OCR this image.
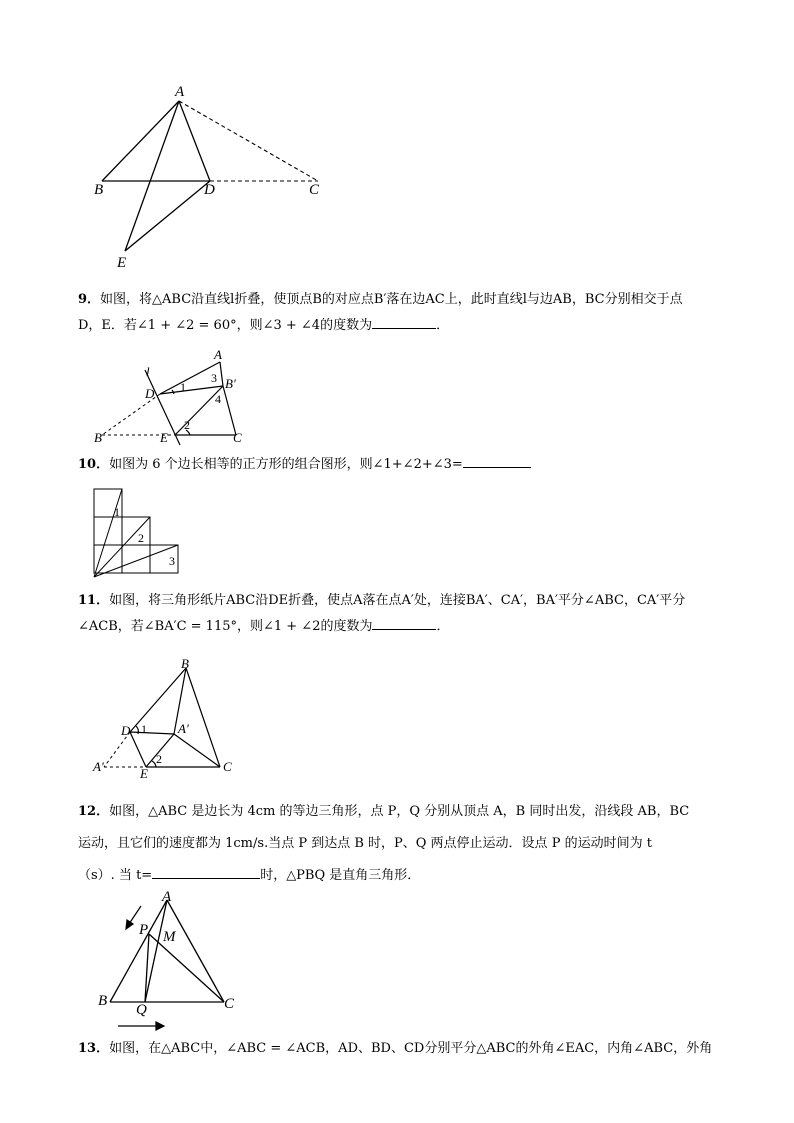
A
B	D	C
E
9．如图，将△ABC沿直线l折叠，使顶点B的对应点B′落在边AC上，此时直线l与边AB，BC分别相交于点
D，E．若∠1 + ∠2 = 60°，则∠3 + ∠4的度数为	．
l
A
D
B′
B	E	C
1
3
4
2
10．如图为 6 个边长相等的正方形的组合图形，则∠1+∠2+∠3=
1
2
3
11．如图，将三角形纸片ABC沿DE折叠，使点A落在点A′处，连接BA′、CA′，BA′平分∠ABC，CA′平分
∠ACB，若∠BA′C = 115°，则∠1 + ∠2的度数为	．
B
D 1 A′
A′	2
E	C
12．如图，△ABC 是边长为 4cm 的等边三角形，点 P，Q 分别从顶点 A，B 同时出发，沿线段 AB，BC
运动，且它们的速度都为 1cm/s.当点 P 到达点 B 时，P、Q 两点停止运动．设点 P 的运动时间为 t
（s）. 当 t=	时，△PBQ 是直角三角形．
A
P M
B	C
Q
13．如图，在△ABC中，∠ABC = ∠ACB，AD、BD、CD分别平分△ABC的外角∠EAC，内角∠ABC，外角
